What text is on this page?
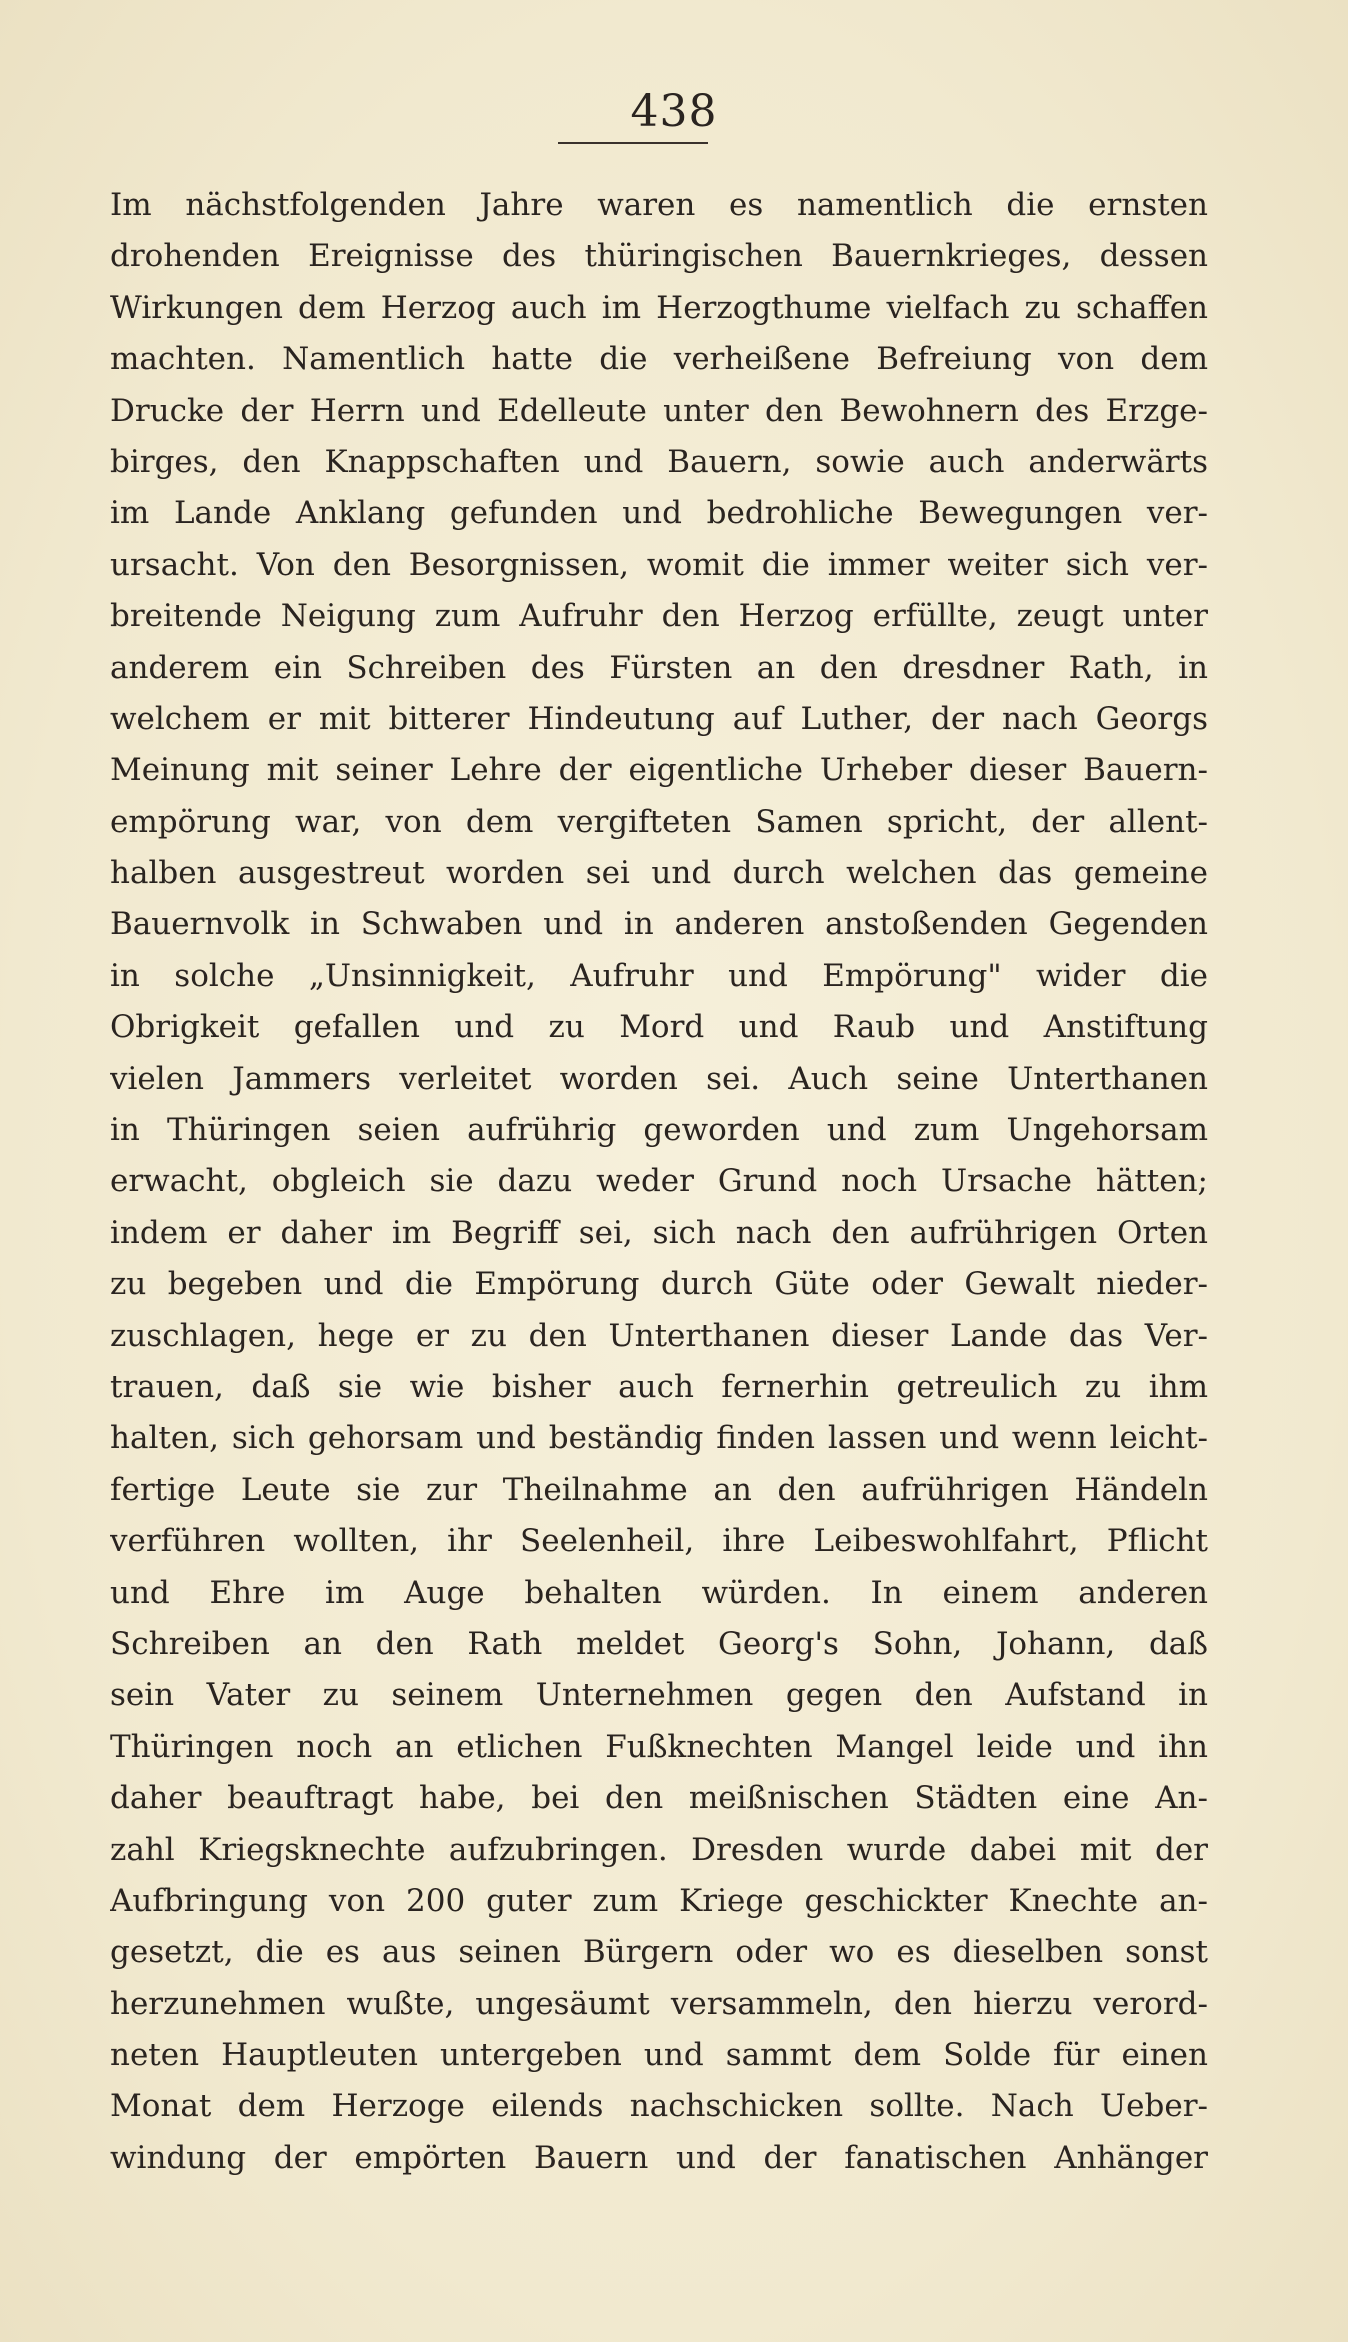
438
Im nächstfolgenden Jahre waren es namentlich die ernsten
drohenden Ereignisse des thüringischen Bauernkrieges, dessen
Wirkungen dem Herzog auch im Herzogthume vielfach zu schaffen
machten. Namentlich hatte die verheißene Befreiung von dem
Drucke der Herrn und Edelleute unter den Bewohnern des Erzge-
birges, den Knappschaften und Bauern, sowie auch anderwärts
im Lande Anklang gefunden und bedrohliche Bewegungen ver-
ursacht. Von den Besorgnissen, womit die immer weiter sich ver-
breitende Neigung zum Aufruhr den Herzog erfüllte, zeugt unter
anderem ein Schreiben des Fürsten an den dresdner Rath, in
welchem er mit bitterer Hindeutung auf Luther, der nach Georgs
Meinung mit seiner Lehre der eigentliche Urheber dieser Bauern-
empörung war, von dem vergifteten Samen spricht, der allent-
halben ausgestreut worden sei und durch welchen das gemeine
Bauernvolk in Schwaben und in anderen anstoßenden Gegenden
in solche „Unsinnigkeit, Aufruhr und Empörung" wider die
Obrigkeit gefallen und zu Mord und Raub und Anstiftung
vielen Jammers verleitet worden sei. Auch seine Unterthanen
in Thüringen seien aufrührig geworden und zum Ungehorsam
erwacht, obgleich sie dazu weder Grund noch Ursache hätten;
indem er daher im Begriff sei, sich nach den aufrührigen Orten
zu begeben und die Empörung durch Güte oder Gewalt nieder-
zuschlagen, hege er zu den Unterthanen dieser Lande das Ver-
trauen, daß sie wie bisher auch fernerhin getreulich zu ihm
halten, sich gehorsam und beständig finden lassen und wenn leicht-
fertige Leute sie zur Theilnahme an den aufrührigen Händeln
verführen wollten, ihr Seelenheil, ihre Leibeswohlfahrt, Pflicht
und Ehre im Auge behalten würden. In einem anderen
Schreiben an den Rath meldet Georg's Sohn, Johann, daß
sein Vater zu seinem Unternehmen gegen den Aufstand in
Thüringen noch an etlichen Fußknechten Mangel leide und ihn
daher beauftragt habe, bei den meißnischen Städten eine An-
zahl Kriegsknechte aufzubringen. Dresden wurde dabei mit der
Aufbringung von 200 guter zum Kriege geschickter Knechte an-
gesetzt, die es aus seinen Bürgern oder wo es dieselben sonst
herzunehmen wußte, ungesäumt versammeln, den hierzu verord-
neten Hauptleuten untergeben und sammt dem Solde für einen
Monat dem Herzoge eilends nachschicken sollte. Nach Ueber-
windung der empörten Bauern und der fanatischen Anhänger
